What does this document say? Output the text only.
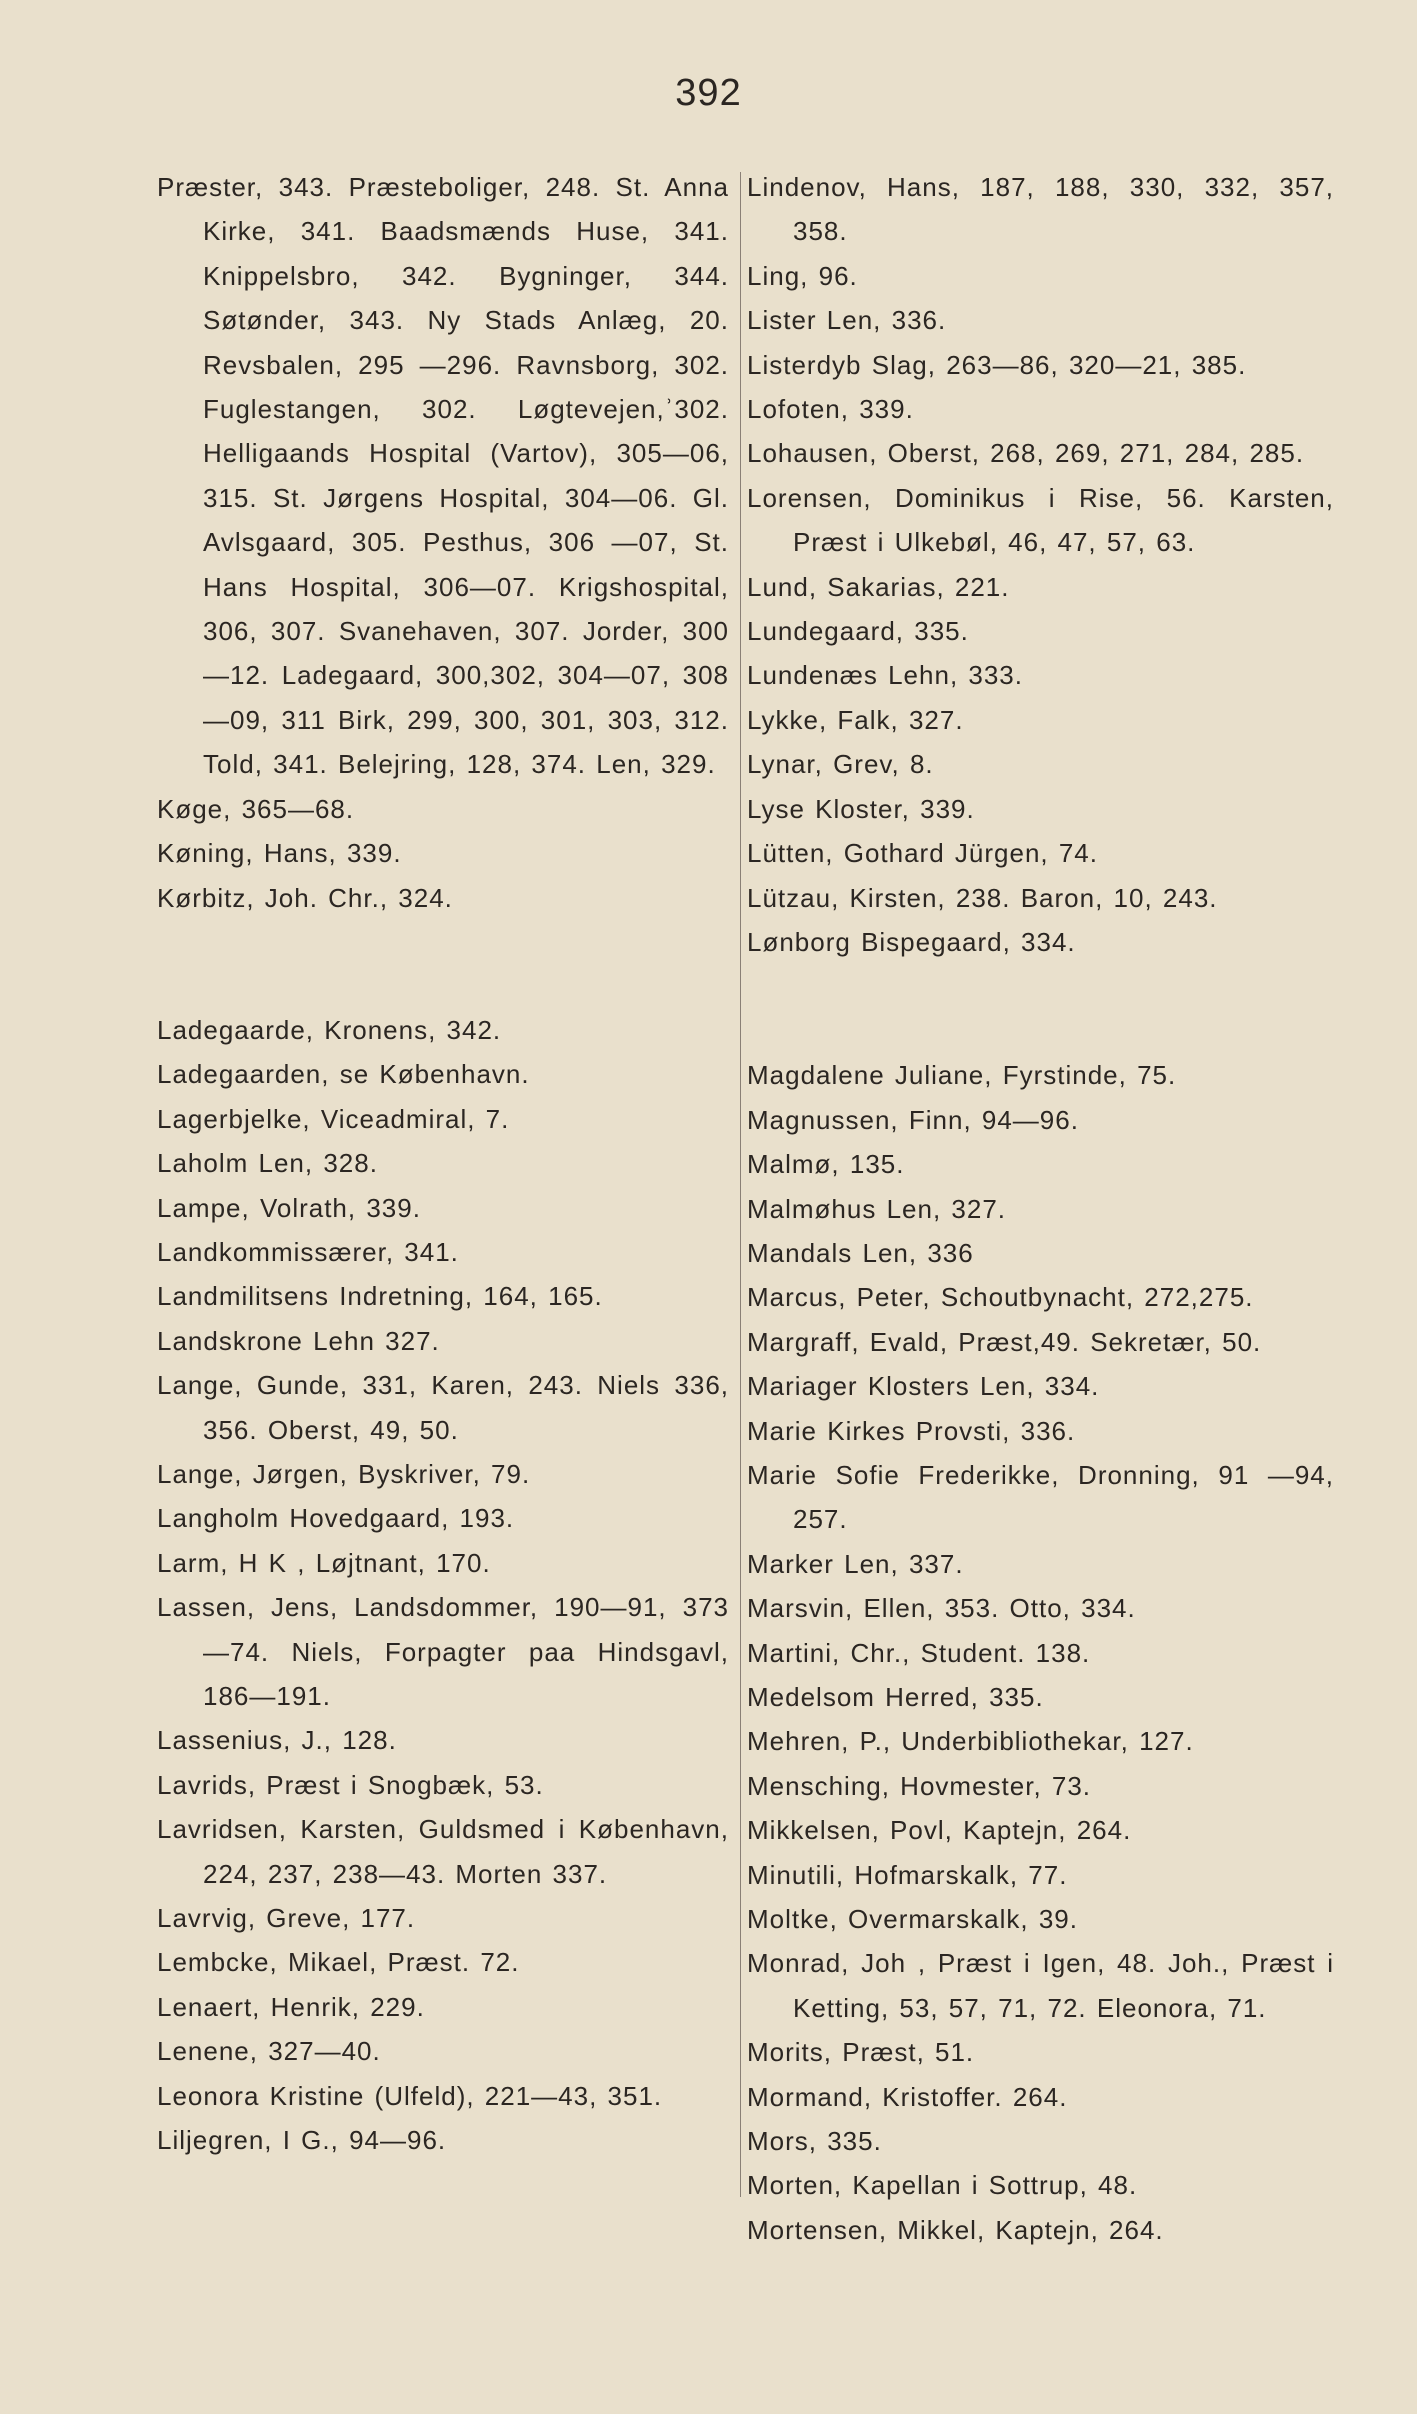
392
Præster, 343. Præsteboliger, 248. St. Anna Kirke, 341. Baadsmænds Huse, 341. Knippelsbro, 342. Bygninger, 344. Søtønder, 343. Ny Stads Anlæg, 20. Revsbalen, 295 —296. Ravnsborg, 302. Fuglestangen, 302. Løgtevejen,ʾ302. Helligaands Hospital (Vartov), 305—06, 315. St. Jørgens Hospital, 304—06. Gl. Avlsgaard, 305. Pesthus, 306 —07, St. Hans Hospital, 306—07. Krigshospital, 306, 307. Svanehaven, 307. Jorder, 300—12. Ladegaard, 300,302, 304—07, 308—09, 311 Birk, 299, 300, 301, 303, 312. Told, 341. Belejring, 128, 374. Len, 329.
Køge, 365—68.
Køning, Hans, 339.
Kørbitz, Joh. Chr., 324.
Ladegaarde, Kronens, 342.
Ladegaarden, se København.
Lagerbjelke, Viceadmiral, 7.
Laholm Len, 328.
Lampe, Volrath, 339.
Landkommissærer, 341.
Landmilitsens Indretning, 164, 165.
Landskrone Lehn 327.
Lange, Gunde, 331, Karen, 243. Niels 336, 356. Oberst, 49, 50.
Lange, Jørgen, Byskriver, 79.
Langholm Hovedgaard, 193.
Larm, H K , Løjtnant, 170.
Lassen, Jens, Landsdommer, 190—91, 373—74. Niels, Forpagter paa Hindsgavl, 186—191.
Lassenius, J., 128.
Lavrids, Præst i Snogbæk, 53.
Lavridsen, Karsten, Guldsmed i København, 224, 237, 238—43. Morten 337.
Lavrvig, Greve, 177.
Lembcke, Mikael, Præst. 72.
Lenaert, Henrik, 229.
Lenene, 327—40.
Leonora Kristine (Ulfeld), 221—43, 351.
Liljegren, I G., 94—96.
Lindenov, Hans, 187, 188, 330, 332, 357, 358.
Ling, 96.
Lister Len, 336.
Listerdyb Slag, 263—86, 320—21, 385.
Lofoten, 339.
Lohausen, Oberst, 268, 269, 271, 284, 285.
Lorensen, Dominikus i Rise, 56. Karsten, Præst i Ulkebøl, 46, 47, 57, 63.
Lund, Sakarias, 221.
Lundegaard, 335.
Lundenæs Lehn, 333.
Lykke, Falk, 327.
Lynar, Grev, 8.
Lyse Kloster, 339.
Lütten, Gothard Jürgen, 74.
Lützau, Kirsten, 238. Baron, 10, 243.
Lønborg Bispegaard, 334.
Magdalene Juliane, Fyrstinde, 75.
Magnussen, Finn, 94—96.
Malmø, 135.
Malmøhus Len, 327.
Mandals Len, 336
Marcus, Peter, Schoutbynacht, 272,275.
Margraff, Evald, Præst,49. Sekretær, 50.
Mariager Klosters Len, 334.
Marie Kirkes Provsti, 336.
Marie Sofie Frederikke, Dronning, 91 —94, 257.
Marker Len, 337.
Marsvin, Ellen, 353. Otto, 334.
Martini, Chr., Student. 138.
Medelsom Herred, 335.
Mehren, P., Underbibliothekar, 127.
Mensching, Hovmester, 73.
Mikkelsen, Povl, Kaptejn, 264.
Minutili, Hofmarskalk, 77.
Moltke, Overmarskalk, 39.
Monrad, Joh , Præst i Igen, 48. Joh., Præst i Ketting, 53, 57, 71, 72. Eleonora, 71.
Morits, Præst, 51.
Mormand, Kristoffer. 264.
Mors, 335.
Morten, Kapellan i Sottrup, 48.
Mortensen, Mikkel, Kaptejn, 264.
